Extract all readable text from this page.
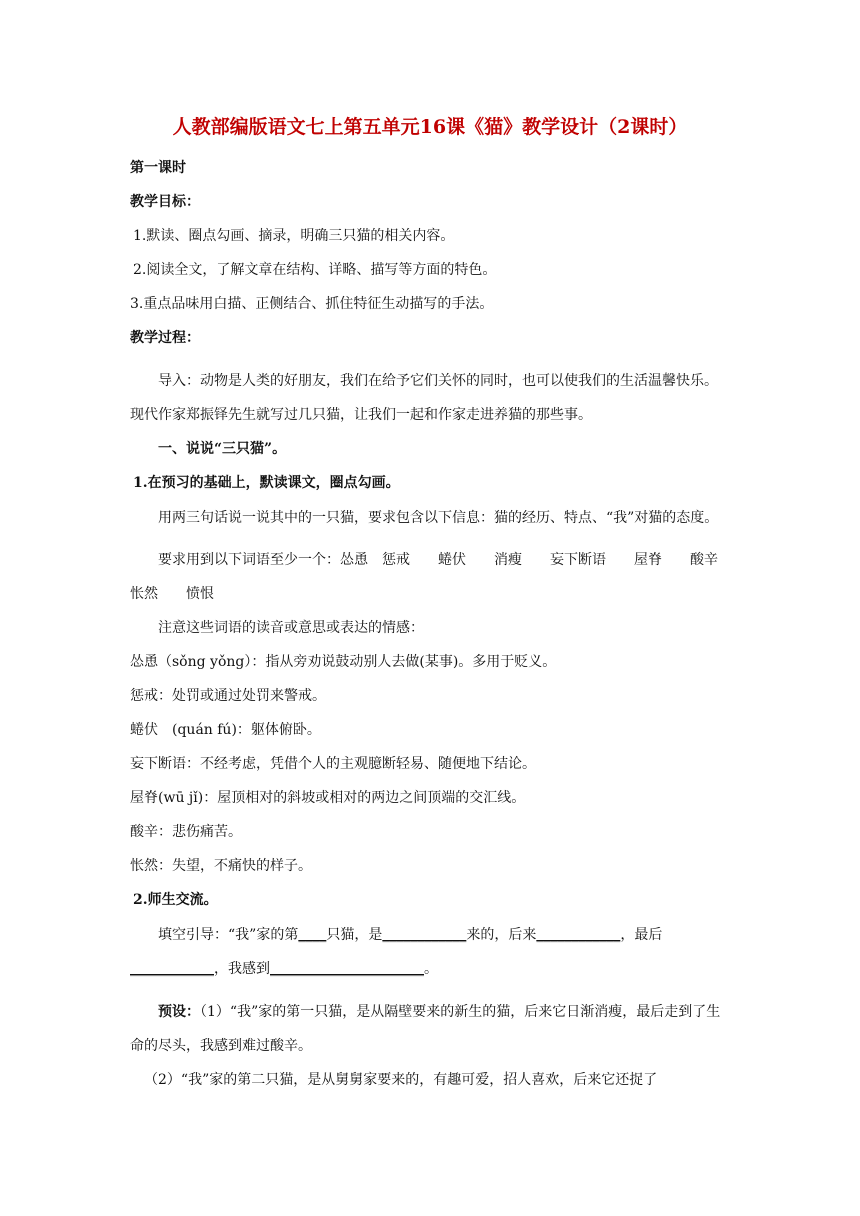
人教部编版语文七上第五单元16课《猫》教学设计（2课时）

第一课时

教学目标：

1.默读、圈点勾画、摘录，明确三只猫的相关内容。

2.阅读全文，了解文章在结构、详略、描写等方面的特色。

3.重点品味用白描、正侧结合、抓住特征生动描写的手法。

教学过程：

导入：动物是人类的好朋友，我们在给予它们关怀的同时，也可以使我们的生活温馨快乐。现代作家郑振铎先生就写过几只猫，让我们一起和作家走进养猫的那些事。

一、说说“三只猫”。

1.在预习的基础上，默读课文，圈点勾画。

用两三句话说一说其中的一只猫，要求包含以下信息：猫的经历、特点、“我”对猫的态度。

要求用到以下词语至少一个：怂恿　惩戒　　蜷伏　　消瘦　　妄下断语　　屋脊　　酸辛　　怅然　　愤恨

注意这些词语的读音或意思或表达的情感：

怂恿（sǒng yǒng）：指从旁劝说鼓动别人去做(某事)。多用于贬义。

惩戒：处罚或通过处罚来警戒。

蜷伏　(quán fú)：躯体俯卧。

妄下断语：不经考虑，凭借个人的主观臆断轻易、随便地下结论。

屋脊(wū jǐ)：屋顶相对的斜坡或相对的两边之间顶端的交汇线。

酸辛：悲伤痛苦。

怅然：失望，不痛快的样子。

2.师生交流。

填空引导：“我”家的第____只猫，是____________来的，后来____________，最后____________，我感到______________________。

预设：（1）“我”家的第一只猫，是从隔壁要来的新生的猫，后来它日渐消瘦，最后走到了生命的尽头，我感到难过酸辛。

（2）“我”家的第二只猫，是从舅舅家要来的，有趣可爱，招人喜欢，后来它还捉了
